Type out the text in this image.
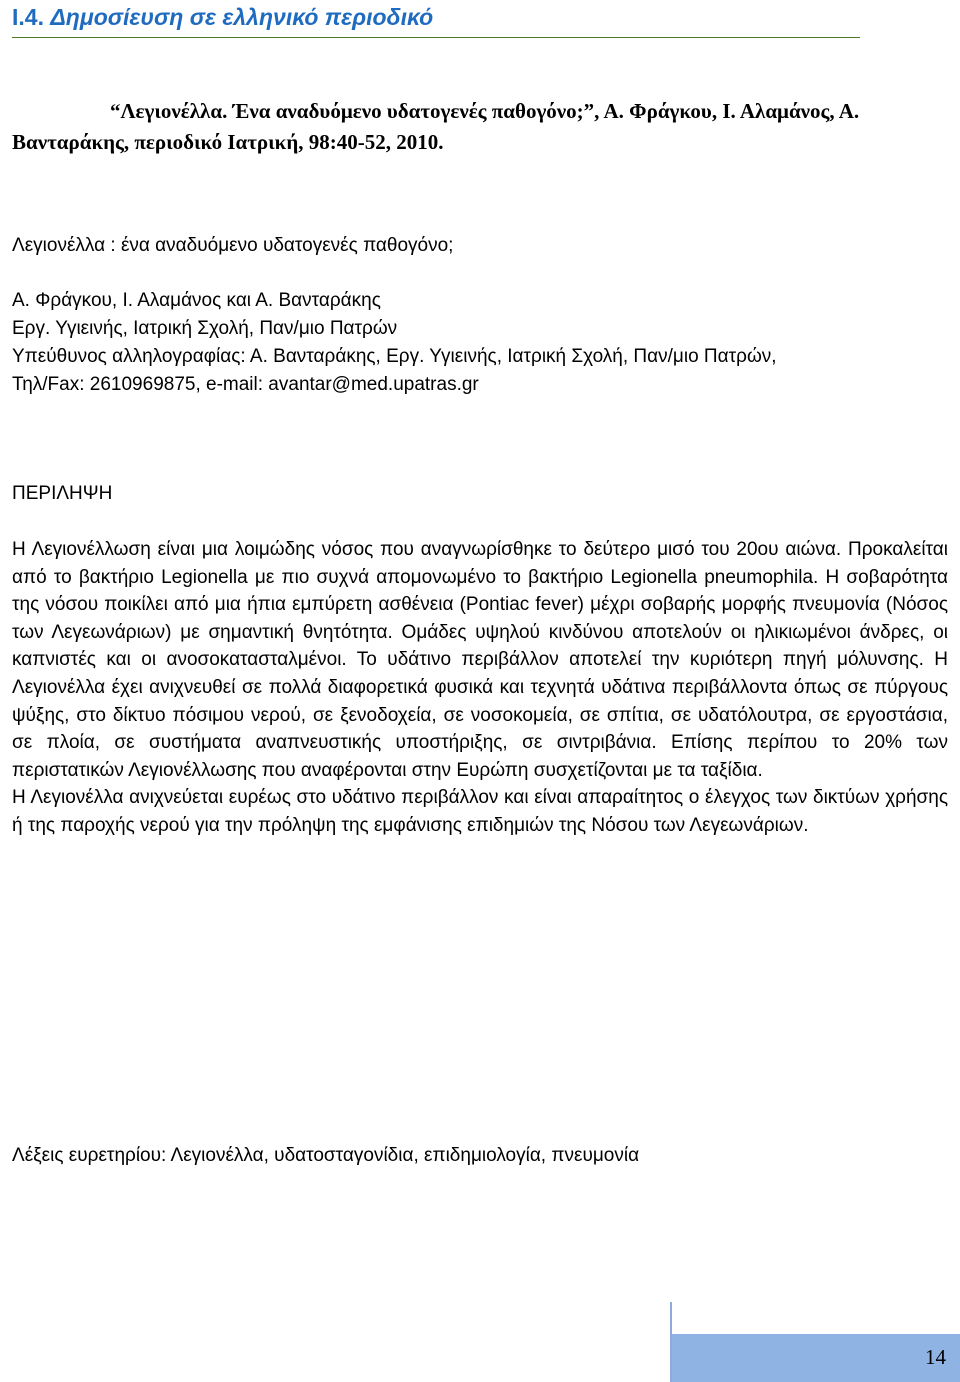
I.4. Δημοσίευση σε ελληνικό περιοδικό

“Λεγιονέλλα. Ένα αναδυόμενο υδατογενές παθογόνο;”, Α. Φράγκου, Ι. Αλαμάνος, Α. Βανταράκης, περιοδικό Ιατρική, 98:40-52, 2010.

Λεγιονέλλα : ένα αναδυόμενο υδατογενές παθογόνο;

Α. Φράγκου, Ι. Αλαμάνος και Α. Βανταράκης

Εργ. Υγιεινής, Ιατρική Σχολή, Παν/μιο Πατρών

Υπεύθυνος αλληλογραφίας: Α. Βανταράκης, Εργ. Υγιεινής, Ιατρική Σχολή, Παν/μιο Πατρών,

Τηλ/Fax: 2610969875, e-mail: avantar@med.upatras.gr

ΠΕΡΙΛΗΨΗ

Η Λεγιονέλλωση είναι μια λοιμώδης νόσος που αναγνωρίσθηκε το δεύτερο μισό του 20ου αιώνα. Προκαλείται από το βακτήριο Legionella με πιο συχνά απομονωμένο το βακτήριο Legionella pneumophila. Η σοβαρότητα της νόσου ποικίλει από μια ήπια εμπύρετη ασθένεια (Pontiac fever) μέχρι σοβαρής μορφής πνευμονία (Νόσος των Λεγεωνάριων) με σημαντική θνητότητα. Ομάδες υψηλού κινδύνου αποτελούν οι ηλικιωμένοι άνδρες, οι καπνιστές και οι ανοσοκατασταλμένοι. Το υδάτινο περιβάλλον αποτελεί την κυριότερη πηγή μόλυνσης. Η Λεγιονέλλα έχει ανιχνευθεί σε πολλά διαφορετικά φυσικά και τεχνητά υδάτινα περιβάλλοντα όπως σε πύργους ψύξης, στο δίκτυο πόσιμου νερού, σε ξενοδοχεία, σε νοσοκομεία, σε σπίτια, σε υδατόλουτρα, σε εργοστάσια, σε πλοία, σε συστήματα αναπνευστικής υποστήριξης, σε σιντριβάνια. Επίσης περίπου το 20% των περιστατικών Λεγιονέλλωσης που αναφέρονται στην Ευρώπη συσχετίζονται με τα ταξίδια.

Η Λεγιονέλλα ανιχνεύεται ευρέως στο υδάτινο περιβάλλον και είναι απαραίτητος ο έλεγχος των δικτύων χρήσης ή της παροχής νερού για την πρόληψη της εμφάνισης επιδημιών της Νόσου των Λεγεωνάριων.

Λέξεις ευρετηρίου: Λεγιονέλλα, υδατοσταγονίδια, επιδημιολογία, πνευμονία

14
